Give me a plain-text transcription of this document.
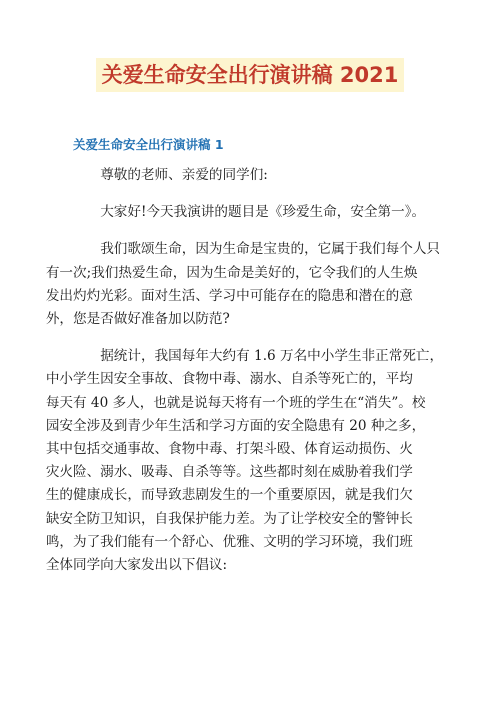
关爱生命安全出行演讲稿 2021
关爱生命安全出行演讲稿 1
尊敬的老师、亲爱的同学们:
大家好!今天我演讲的题目是《珍爱生命，安全第一》。
我们歌颂生命，因为生命是宝贵的，它属于我们每个人只
有一次;我们热爱生命，因为生命是美好的，它令我们的人生焕
发出灼灼光彩。面对生活、学习中可能存在的隐患和潜在的意
外，您是否做好准备加以防范?
据统计，我国每年大约有 1.6 万名中小学生非正常死亡，
中小学生因安全事故、食物中毒、溺水、自杀等死亡的，平均
每天有 40 多人，也就是说每天将有一个班的学生在“消失”。校
园安全涉及到青少年生活和学习方面的安全隐患有 20 种之多，
其中包括交通事故、食物中毒、打架斗殴、体育运动损伤、火
灾火险、溺水、吸毒、自杀等等。这些都时刻在威胁着我们学
生的健康成长，而导致悲剧发生的一个重要原因，就是我们欠
缺安全防卫知识，自我保护能力差。为了让学校安全的警钟长
鸣，为了我们能有一个舒心、优雅、文明的学习环境，我们班
全体同学向大家发出以下倡议:
